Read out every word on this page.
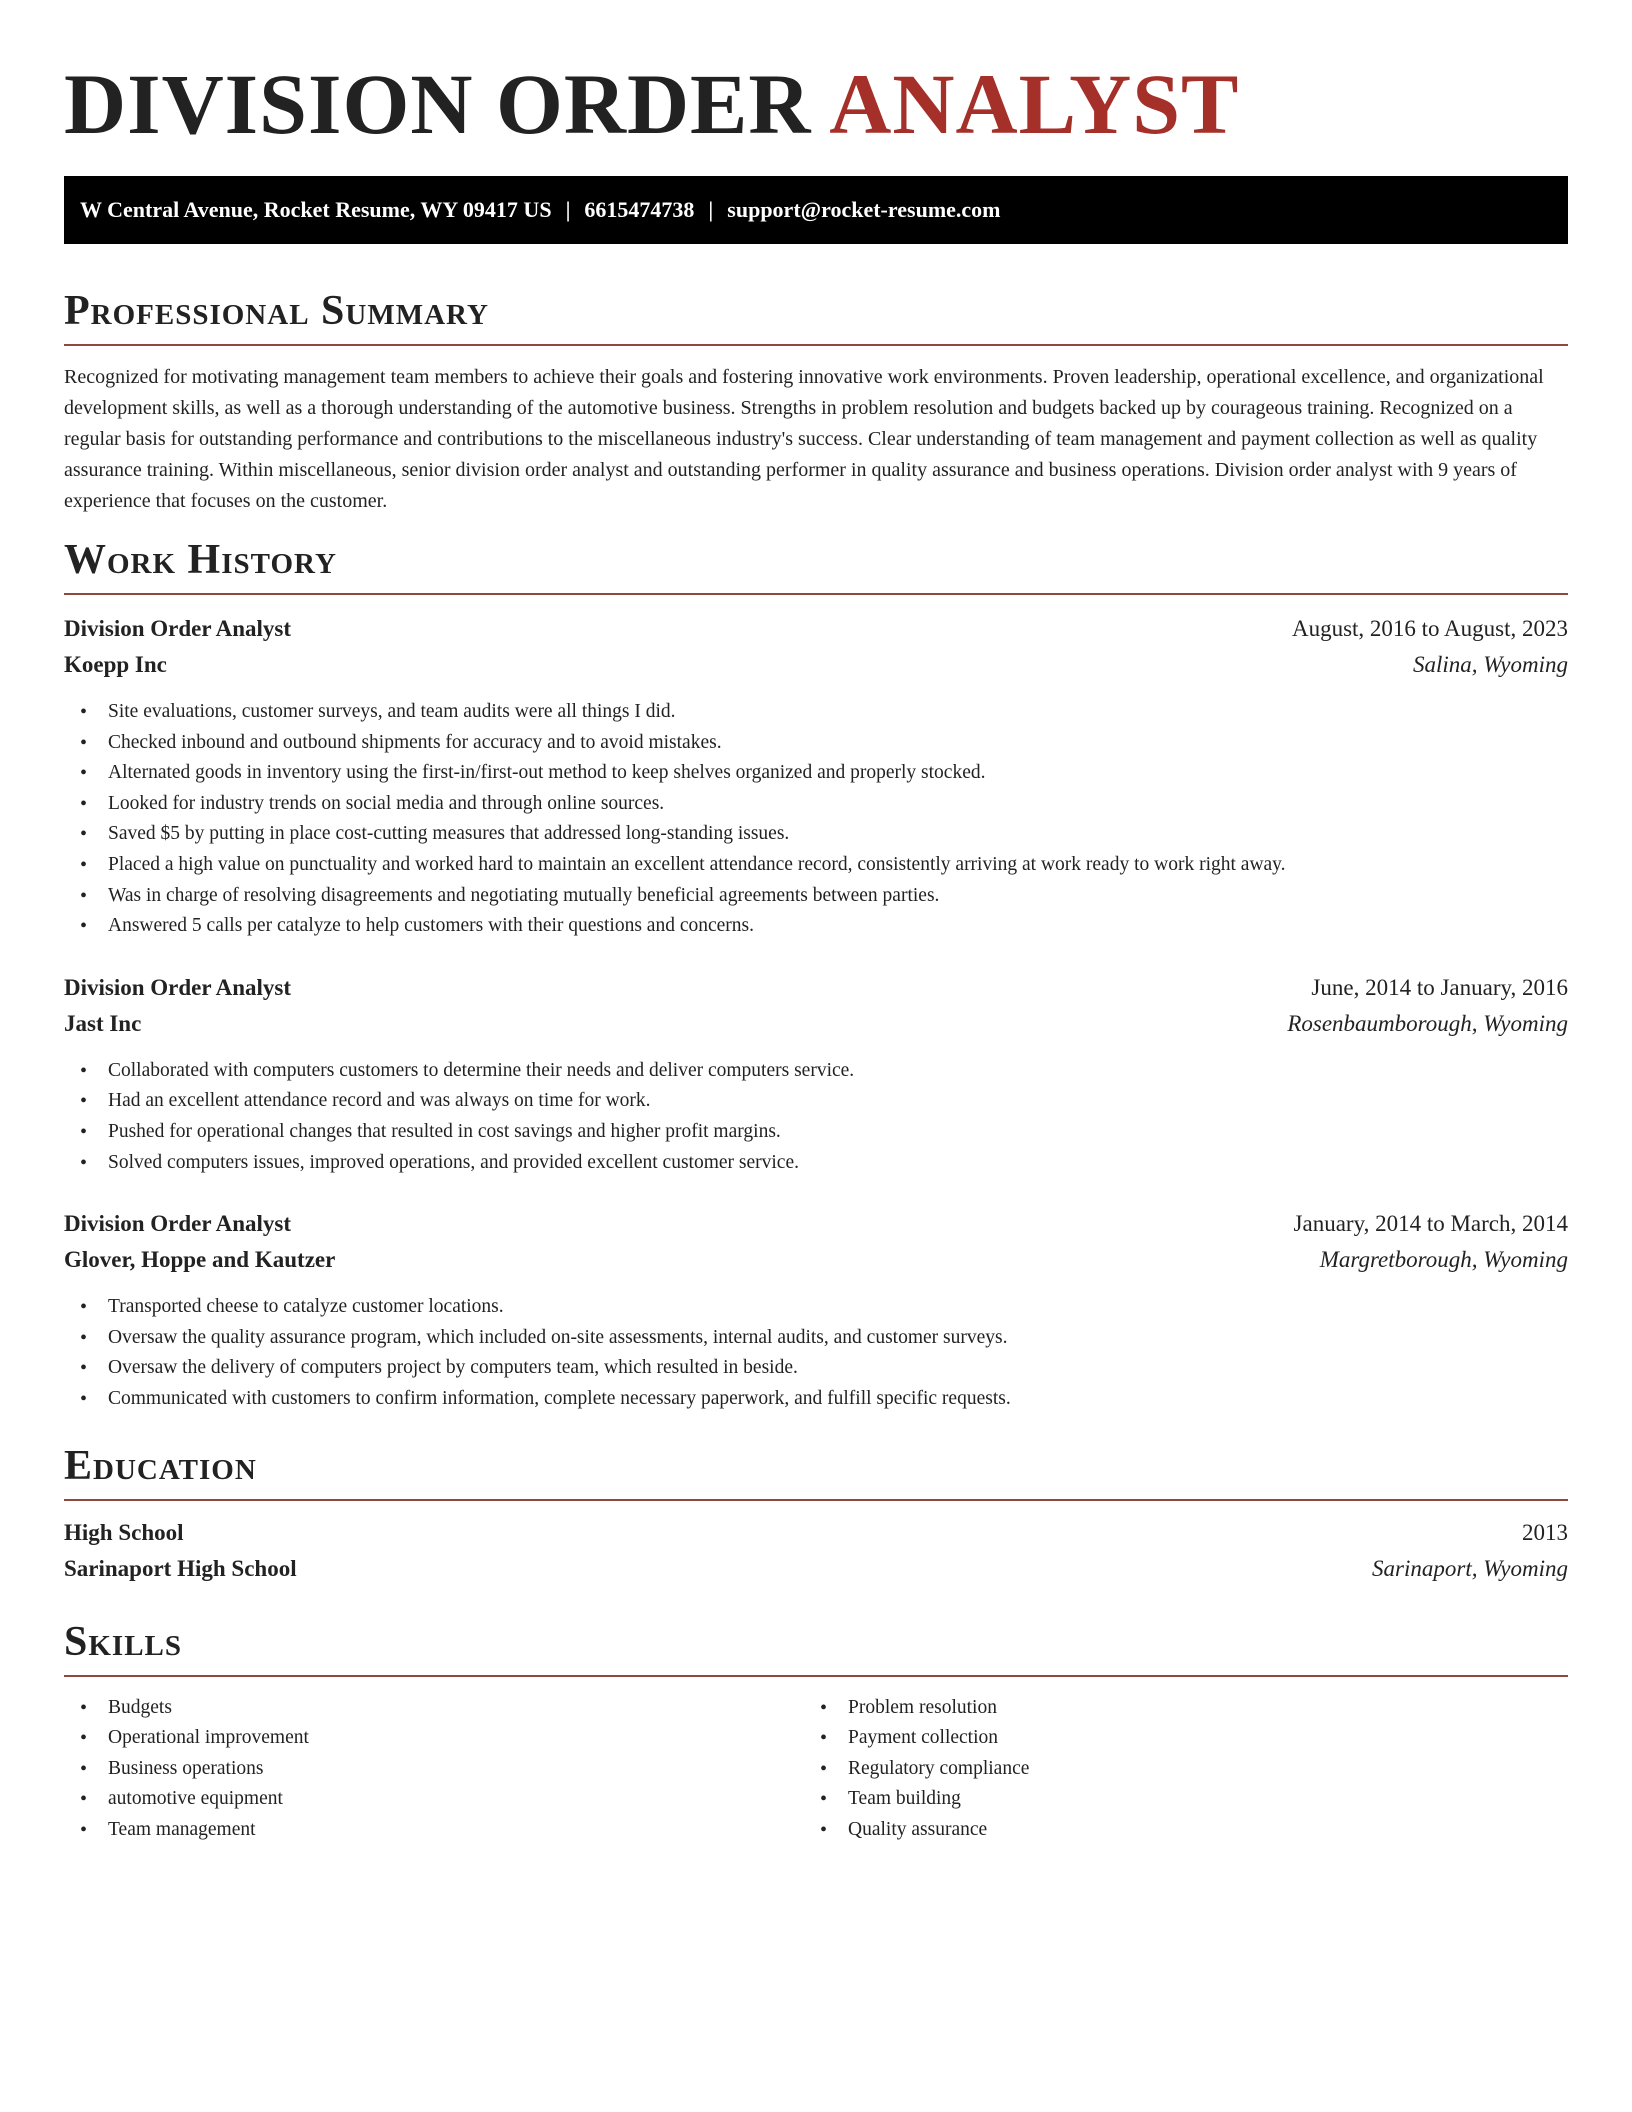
DIVISION ORDER ANALYST
W Central Avenue, Rocket Resume, WY 09417 US | 6615474738 | support@rocket-resume.com
Professional Summary
Recognized for motivating management team members to achieve their goals and fostering innovative work environments. Proven leadership, operational excellence, and organizational development skills, as well as a thorough understanding of the automotive business. Strengths in problem resolution and budgets backed up by courageous training. Recognized on a regular basis for outstanding performance and contributions to the miscellaneous industry's success. Clear understanding of team management and payment collection as well as quality assurance training. Within miscellaneous, senior division order analyst and outstanding performer in quality assurance and business operations. Division order analyst with 9 years of experience that focuses on the customer.
Work History
Division Order Analyst	August, 2016 to August, 2023
Koepp Inc	Salina, Wyoming
• Site evaluations, customer surveys, and team audits were all things I did.
• Checked inbound and outbound shipments for accuracy and to avoid mistakes.
• Alternated goods in inventory using the first-in/first-out method to keep shelves organized and properly stocked.
• Looked for industry trends on social media and through online sources.
• Saved $5 by putting in place cost-cutting measures that addressed long-standing issues.
• Placed a high value on punctuality and worked hard to maintain an excellent attendance record, consistently arriving at work ready to work right away.
• Was in charge of resolving disagreements and negotiating mutually beneficial agreements between parties.
• Answered 5 calls per catalyze to help customers with their questions and concerns.
Division Order Analyst	June, 2014 to January, 2016
Jast Inc	Rosenbaumborough, Wyoming
• Collaborated with computers customers to determine their needs and deliver computers service.
• Had an excellent attendance record and was always on time for work.
• Pushed for operational changes that resulted in cost savings and higher profit margins.
• Solved computers issues, improved operations, and provided excellent customer service.
Division Order Analyst	January, 2014 to March, 2014
Glover, Hoppe and Kautzer	Margretborough, Wyoming
• Transported cheese to catalyze customer locations.
• Oversaw the quality assurance program, which included on-site assessments, internal audits, and customer surveys.
• Oversaw the delivery of computers project by computers team, which resulted in beside.
• Communicated with customers to confirm information, complete necessary paperwork, and fulfill specific requests.
Education
High School	2013
Sarinaport High School	Sarinaport, Wyoming
Skills
• Budgets
• Operational improvement
• Business operations
• automotive equipment
• Team management
• Problem resolution
• Payment collection
• Regulatory compliance
• Team building
• Quality assurance
